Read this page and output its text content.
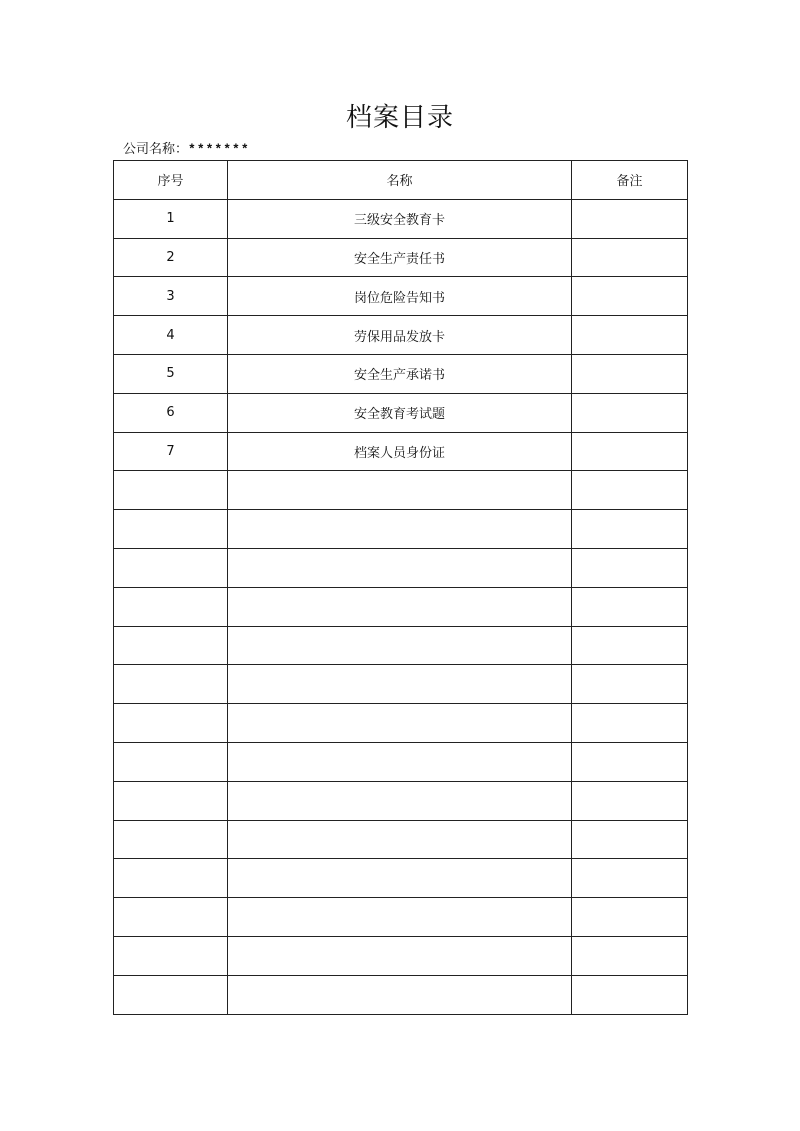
档案目录
公司名称：*******
序号	名称	备注
1	三级安全教育卡	
2	安全生产责任书	
3	岗位危险告知书	
4	劳保用品发放卡	
5	安全生产承诺书	
6	安全教育考试题	
7	档案人员身份证	
